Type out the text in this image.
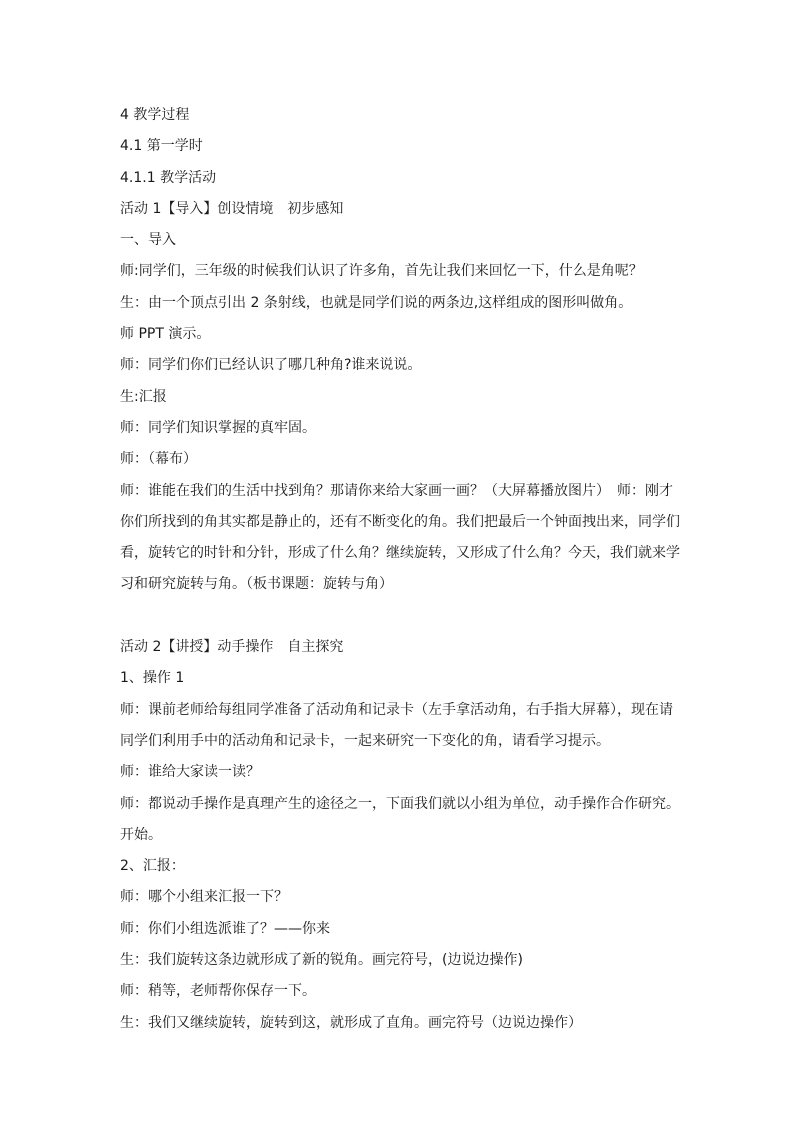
4 教学过程
4.1 第一学时
4.1.1 教学活动
活动 1【导入】创设情境　初步感知
一、导入
师:同学们，三年级的时候我们认识了许多角，首先让我们来回忆一下，什么是角呢？
生：由一个顶点引出 2 条射线，也就是同学们说的两条边,这样组成的图形叫做角。
师 PPT 演示。
师：同学们你们已经认识了哪几种角?谁来说说。
生:汇报
师：同学们知识掌握的真牢固。
师：（幕布）
师：谁能在我们的生活中找到角？那请你来给大家画一画？（大屏幕播放图片）　师：刚才
你们所找到的角其实都是静止的，还有不断变化的角。我们把最后一个钟面拽出来，同学们
看，旋转它的时针和分针，形成了什么角？继续旋转，又形成了什么角？今天，我们就来学
习和研究旋转与角。（板书课题：旋转与角）
活动 2【讲授】动手操作　自主探究
1、操作 1
师：课前老师给每组同学准备了活动角和记录卡（左手拿活动角，右手指大屏幕），现在请
同学们利用手中的活动角和记录卡，一起来研究一下变化的角，请看学习提示。
师：谁给大家读一读？
师：都说动手操作是真理产生的途径之一，下面我们就以小组为单位，动手操作合作研究。
开始。
2、汇报：
师：哪个小组来汇报一下？
师：你们小组选派谁了？——你来
生：我们旋转这条边就形成了新的锐角。画完符号，(边说边操作)
师：稍等，老师帮你保存一下。
生：我们又继续旋转，旋转到这，就形成了直角。画完符号（边说边操作）
